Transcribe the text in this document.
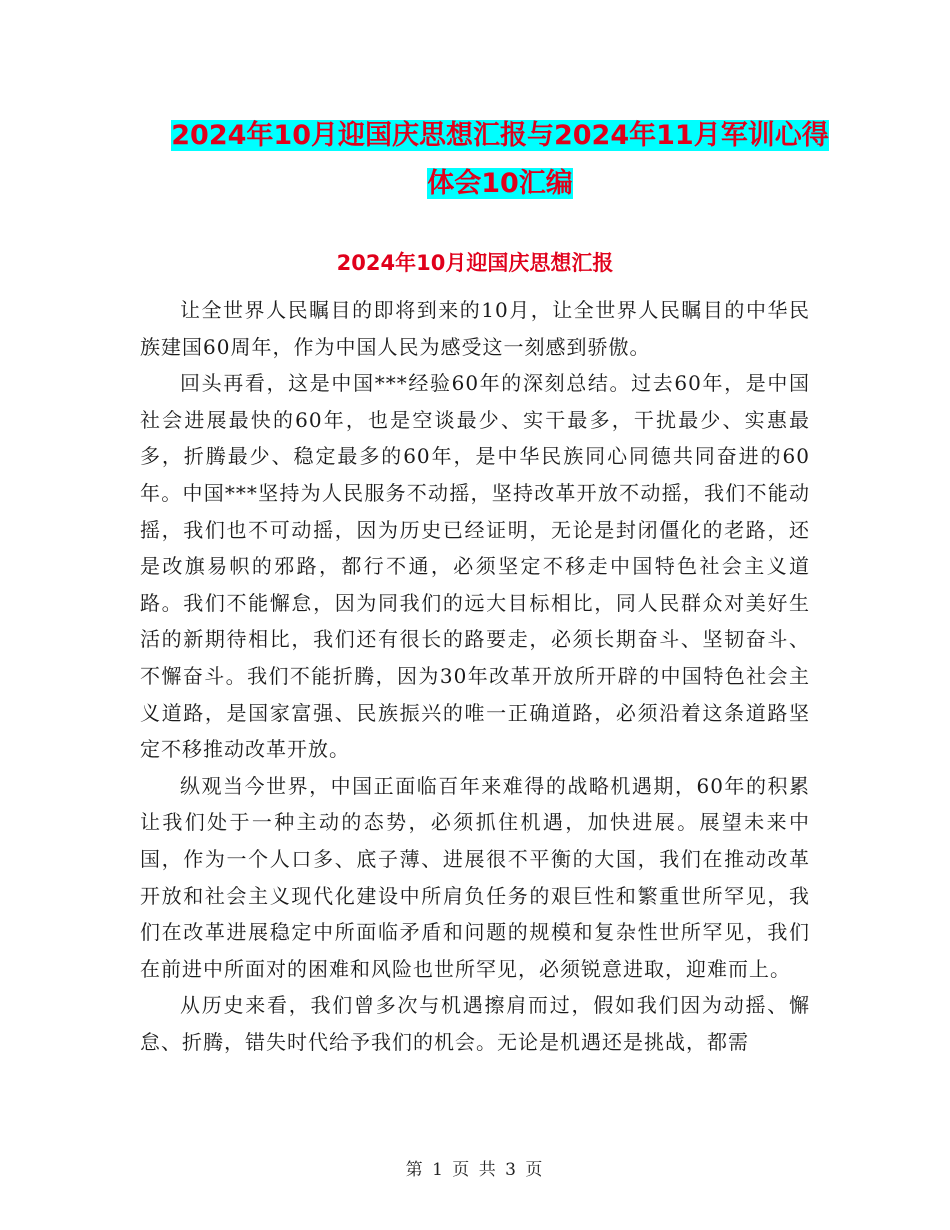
2024年10月迎国庆思想汇报与2024年11月军训心得
体会10汇编
2024年10月迎国庆思想汇报

让全世界人民瞩目的即将到来的10月，让全世界人民瞩目的中华民族建国60周年，作为中国人民为感受这一刻感到骄傲。

回头再看，这是中国***经验60年的深刻总结。过去60年，是中国社会进展最快的60年，也是空谈最少、实干最多，干扰最少、实惠最多，折腾最少、稳定最多的60年，是中华民族同心同德共同奋进的60年。中国***坚持为人民服务不动摇，坚持改革开放不动摇，我们不能动摇，我们也不可动摇，因为历史已经证明，无论是封闭僵化的老路，还是改旗易帜的邪路，都行不通，必须坚定不移走中国特色社会主义道路。我们不能懈怠，因为同我们的远大目标相比，同人民群众对美好生活的新期待相比，我们还有很长的路要走，必须长期奋斗、坚韧奋斗、不懈奋斗。我们不能折腾，因为30年改革开放所开辟的中国特色社会主义道路，是国家富强、民族振兴的唯一正确道路，必须沿着这条道路坚定不移推动改革开放。

纵观当今世界，中国正面临百年来难得的战略机遇期，60年的积累让我们处于一种主动的态势，必须抓住机遇，加快进展。展望未来中国，作为一个人口多、底子薄、进展很不平衡的大国，我们在推动改革开放和社会主义现代化建设中所肩负任务的艰巨性和繁重世所罕见，我们在改革进展稳定中所面临矛盾和问题的规模和复杂性世所罕见，我们在前进中所面对的困难和风险也世所罕见，必须锐意进取，迎难而上。

从历史来看，我们曾多次与机遇擦肩而过，假如我们因为动摇、懈怠、折腾，错失时代给予我们的机会。无论是机遇还是挑战，都需

第 1 页 共 3 页
